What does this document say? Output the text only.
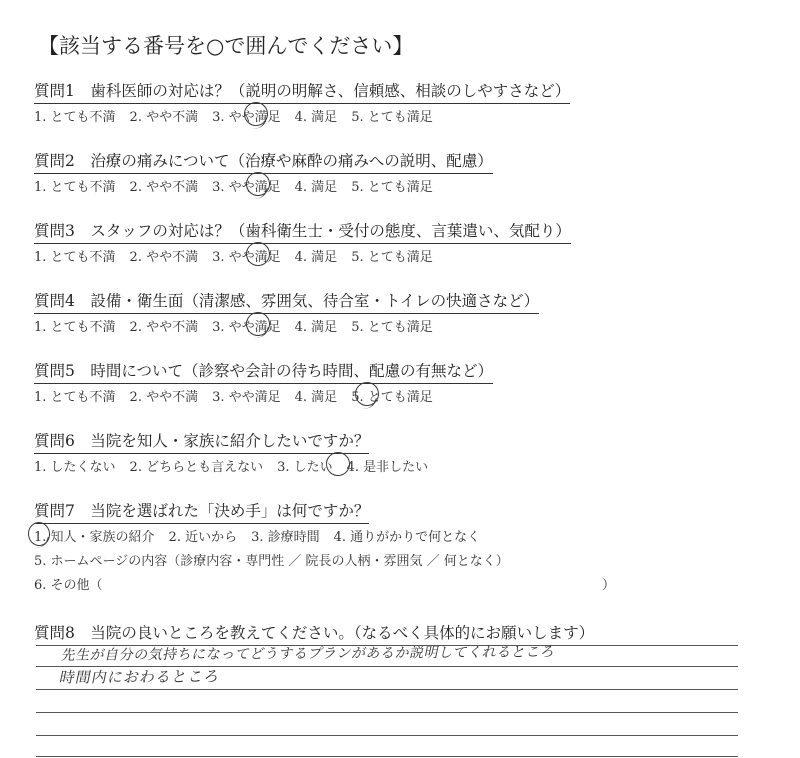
【該当する番号を○で囲んでください】
質問1　歯科医師の対応は？（説明の明解さ、信頼感、相談のしやすさなど）
1. とても不満 2. やや不満 3. やや満足 4. 満足 5. とても満足
質問2　治療の痛みについて（治療や麻酔の痛みへの説明、配慮）
1. とても不満 2. やや不満 3. やや満足 4. 満足 5. とても満足
質問3　スタッフの対応は？（歯科衛生士・受付の態度、言葉遣い、気配り）
1. とても不満 2. やや不満 3. やや満足 4. 満足 5. とても満足
質問4　設備・衛生面（清潔感、雰囲気、待合室・トイレの快適さなど）
1. とても不満 2. やや不満 3. やや満足 4. 満足 5. とても満足
質問5　時間について（診察や会計の待ち時間、配慮の有無など）
1. とても不満 2. やや不満 3. やや満足 4. 満足 5. とても満足
質問6　当院を知人・家族に紹介したいですか？
1. したくない 2. どちらとも言えない 3. したい 4. 是非したい
質問7　当院を選ばれた「決め手」は何ですか？
1. 知人・家族の紹介 2. 近いから 3. 診療時間 4. 通りがかりで何となく
5. ホームページの内容（診療内容・専門性 ／ 院長の人柄・雰囲気 ／ 何となく）
6. その他（	）
質問8　当院の良いところを教えてください。（なるべく具体的にお願いします）
先生が自分の気持ちになってどうするプランがあるか説明してくれるところ
時間内におわるところ
